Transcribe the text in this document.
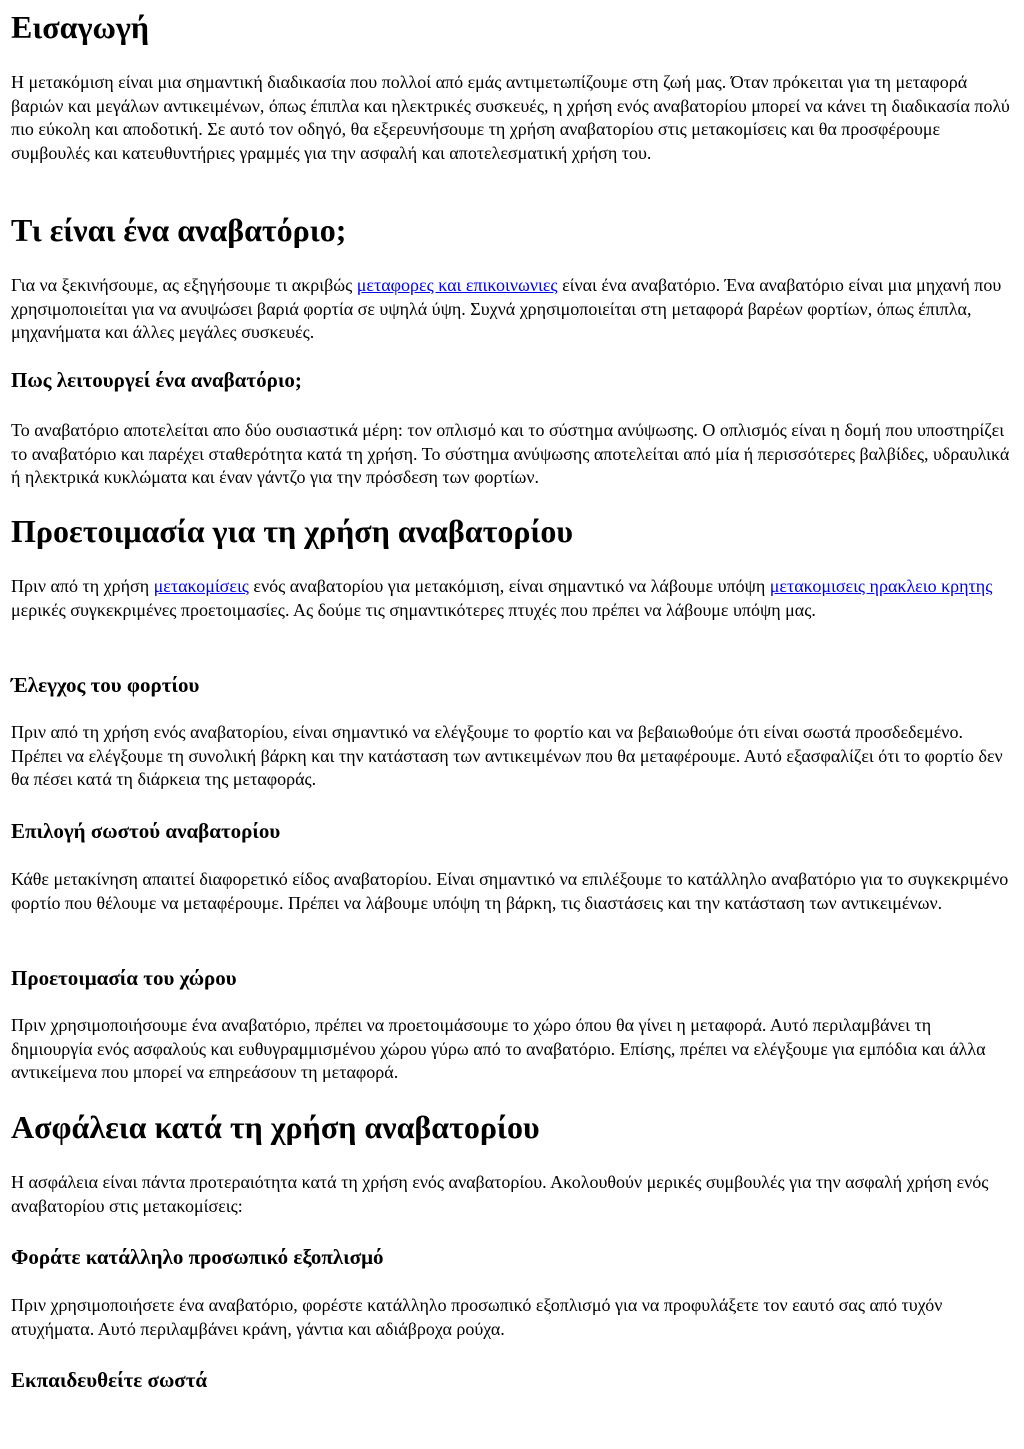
Εισαγωγή

Η μετακόμιση είναι μια σημαντική διαδικασία που πολλοί από εμάς αντιμετωπίζουμε στη ζωή μας. Όταν πρόκειται για τη μεταφορά βαριών και μεγάλων αντικειμένων, όπως έπιπλα και ηλεκτρικές συσκευές, η χρήση ενός αναβατορίου μπορεί να κάνει τη διαδικασία πολύ πιο εύκολη και αποδοτική. Σε αυτό τον οδηγό, θα εξερευνήσουμε τη χρήση αναβατορίου στις μετακομίσεις και θα προσφέρουμε συμβουλές και κατευθυντήριες γραμμές για την ασφαλή και αποτελεσματική χρήση του.

Τι είναι ένα αναβατόριο;

Για να ξεκινήσουμε, ας εξηγήσουμε τι ακριβώς μεταφορες και επικοινωνιες είναι ένα αναβατόριο. Ένα αναβατόριο είναι μια μηχανή που χρησιμοποιείται για να ανυψώσει βαριά φορτία σε υψηλά ύψη. Συχνά χρησιμοποιείται στη μεταφορά βαρέων φορτίων, όπως έπιπλα, μηχανήματα και άλλες μεγάλες συσκευές.

Πως λειτουργεί ένα αναβατόριο;

Το αναβατόριο αποτελείται απο δύο ουσιαστικά μέρη: τον οπλισμό και το σύστημα ανύψωσης. Ο οπλισμός είναι η δομή που υποστηρίζει το αναβατόριο και παρέχει σταθερότητα κατά τη χρήση. Το σύστημα ανύψωσης αποτελείται από μία ή περισσότερες βαλβίδες, υδραυλικά ή ηλεκτρικά κυκλώματα και έναν γάντζο για την πρόσδεση των φορτίων.

Προετοιμασία για τη χρήση αναβατορίου

Πριν από τη χρήση μετακομίσεις ενός αναβατορίου για μετακόμιση, είναι σημαντικό να λάβουμε υπόψη μετακομισεις ηρακλειο κρητης μερικές συγκεκριμένες προετοιμασίες. Ας δούμε τις σημαντικότερες πτυχές που πρέπει να λάβουμε υπόψη μας.

Έλεγχος του φορτίου

Πριν από τη χρήση ενός αναβατορίου, είναι σημαντικό να ελέγξουμε το φορτίο και να βεβαιωθούμε ότι είναι σωστά προσδεδεμένο. Πρέπει να ελέγξουμε τη συνολική βάρκη και την κατάσταση των αντικειμένων που θα μεταφέρουμε. Αυτό εξασφαλίζει ότι το φορτίο δεν θα πέσει κατά τη διάρκεια της μεταφοράς.

Επιλογή σωστού αναβατορίου

Κάθε μετακίνηση απαιτεί διαφορετικό είδος αναβατορίου. Είναι σημαντικό να επιλέξουμε το κατάλληλο αναβατόριο για το συγκεκριμένο φορτίο που θέλουμε να μεταφέρουμε. Πρέπει να λάβουμε υπόψη τη βάρκη, τις διαστάσεις και την κατάσταση των αντικειμένων.

Προετοιμασία του χώρου

Πριν χρησιμοποιήσουμε ένα αναβατόριο, πρέπει να προετοιμάσουμε το χώρο όπου θα γίνει η μεταφορά. Αυτό περιλαμβάνει τη δημιουργία ενός ασφαλούς και ευθυγραμμισμένου χώρου γύρω από το αναβατόριο. Επίσης, πρέπει να ελέγξουμε για εμπόδια και άλλα αντικείμενα που μπορεί να επηρεάσουν τη μεταφορά.

Ασφάλεια κατά τη χρήση αναβατορίου

Η ασφάλεια είναι πάντα προτεραιότητα κατά τη χρήση ενός αναβατορίου. Ακολουθούν μερικές συμβουλές για την ασφαλή χρήση ενός αναβατορίου στις μετακομίσεις:

Φοράτε κατάλληλο προσωπικό εξοπλισμό

Πριν χρησιμοποιήσετε ένα αναβατόριο, φορέστε κατάλληλο προσωπικό εξοπλισμό για να προφυλάξετε τον εαυτό σας από τυχόν ατυχήματα. Αυτό περιλαμβάνει κράνη, γάντια και αδιάβροχα ρούχα.

Εκπαιδευθείτε σωστά
